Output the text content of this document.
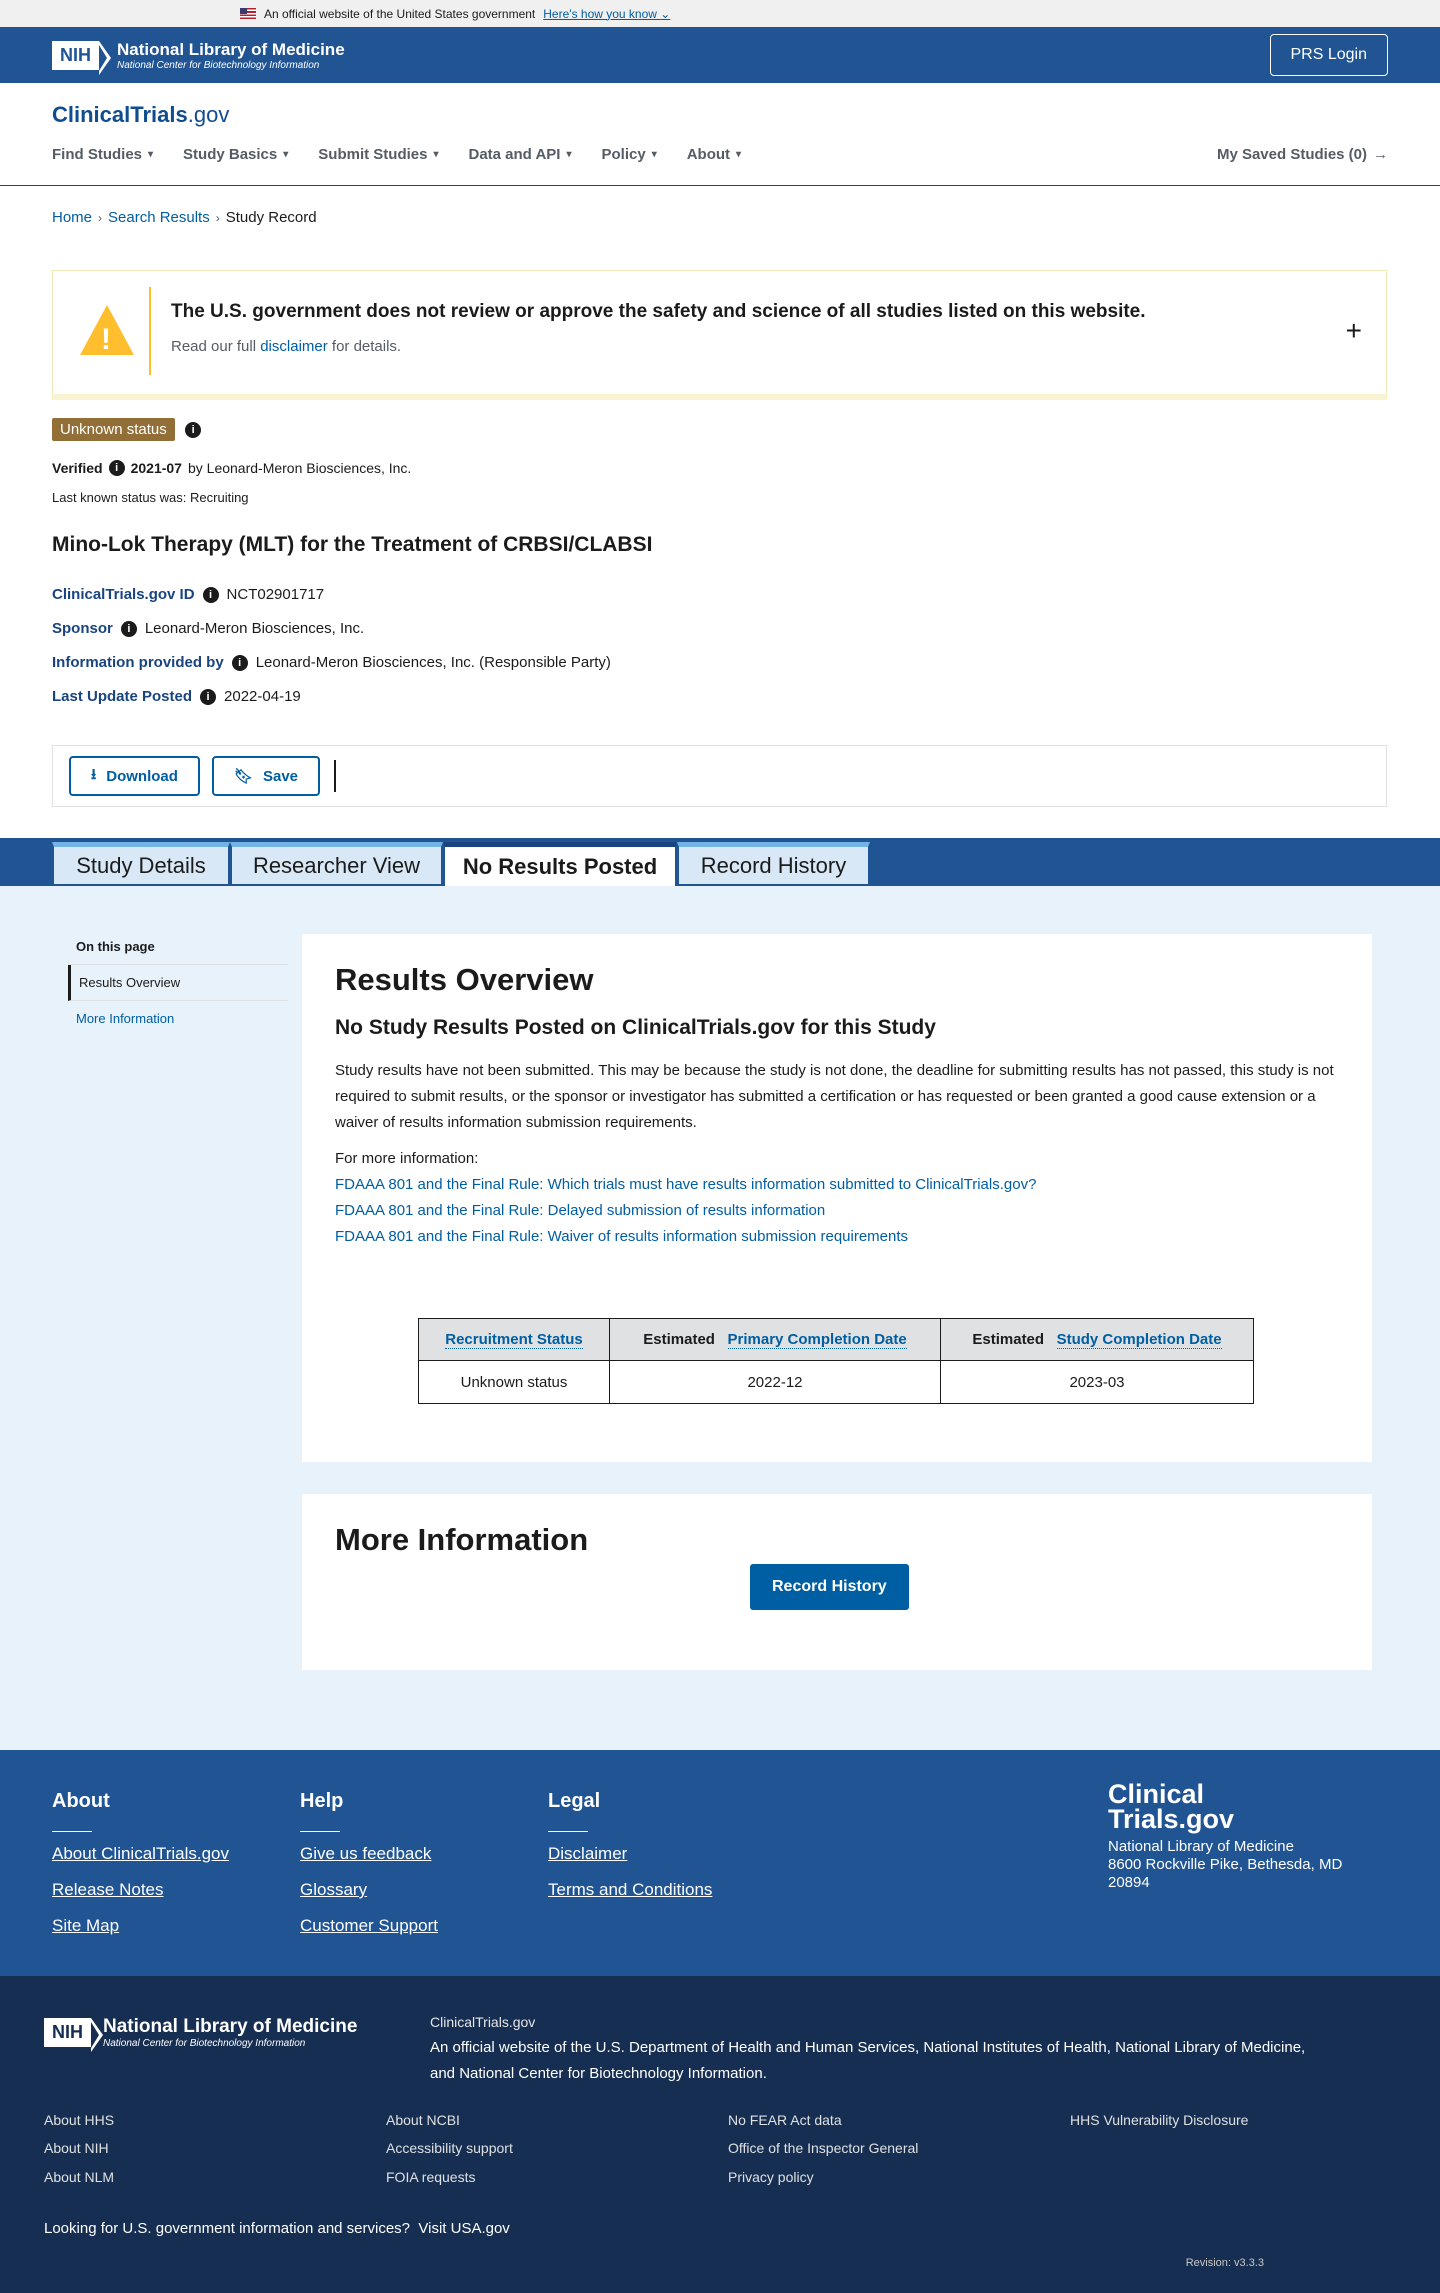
An official website of the United States government Here's how you know ⌄
NIH	National Library of Medicine
National Center for Biotechnology Information
PRS Login
ClinicalTrials.gov
Find Studies ▾ Study Basics ▾ Submit Studies ▾ Data and API ▾ Policy ▾ About ▾	My Saved Studies (0) →
Home › Search Results › Study Record
!
The U.S. government does not review or approve the safety and science of all studies listed on this website.
Read our full disclaimer for details.
+
Unknown status i
Verified	i 2021-07 by Leonard-Meron Biosciences, Inc.
Last known status was: Recruiting
Mino-Lok Therapy (MLT) for the Treatment of CRBSI/CLABSI
ClinicalTrials.gov ID	i NCT02901717
Sponsor	i Leonard-Meron Biosciences, Inc.
Information provided by	i Leonard-Meron Biosciences, Inc. (Responsible Party)
Last Update Posted	i 2022-04-19
⭳ Download	🔖︎ Save
Study Details	Researcher View	No Results Posted	Record History
On this page
Results Overview
More Information
Results Overview
No Study Results Posted on ClinicalTrials.gov for this Study
Study results have not been submitted. This may be because the study is not done, the deadline for submitting results has not passed, this study is not required to submit results, or the sponsor or investigator has submitted a certification or has requested or been granted a good cause extension or a waiver of results information submission requirements.
For more information:
FDAAA 801 and the Final Rule: Which trials must have results information submitted to ClinicalTrials.gov?
FDAAA 801 and the Final Rule: Delayed submission of results information
FDAAA 801 and the Final Rule: Waiver of results information submission requirements
Recruitment Status	Estimated Primary Completion Date	Estimated Study Completion Date
Unknown status	2022-12	2023-03
More Information
Record History
About
About ClinicalTrials.gov
Release Notes
Site Map
Help
Give us feedback
Glossary
Customer Support
Legal
Disclaimer
Terms and Conditions
Clinical
Trials.gov
National Library of Medicine
8600 Rockville Pike, Bethesda, MD
20894
NIH	National Library of Medicine
National Center for Biotechnology Information
ClinicalTrials.gov
An official website of the U.S. Department of Health and Human Services, National Institutes of Health, National Library of Medicine,
and National Center for Biotechnology Information.
About HHS
About NIH
About NLM
About NCBI
Accessibility support
FOIA requests
No FEAR Act data
Office of the Inspector General
Privacy policy
HHS Vulnerability Disclosure
Looking for U.S. government information and services? Visit USA.gov
Revision: v3.3.3
